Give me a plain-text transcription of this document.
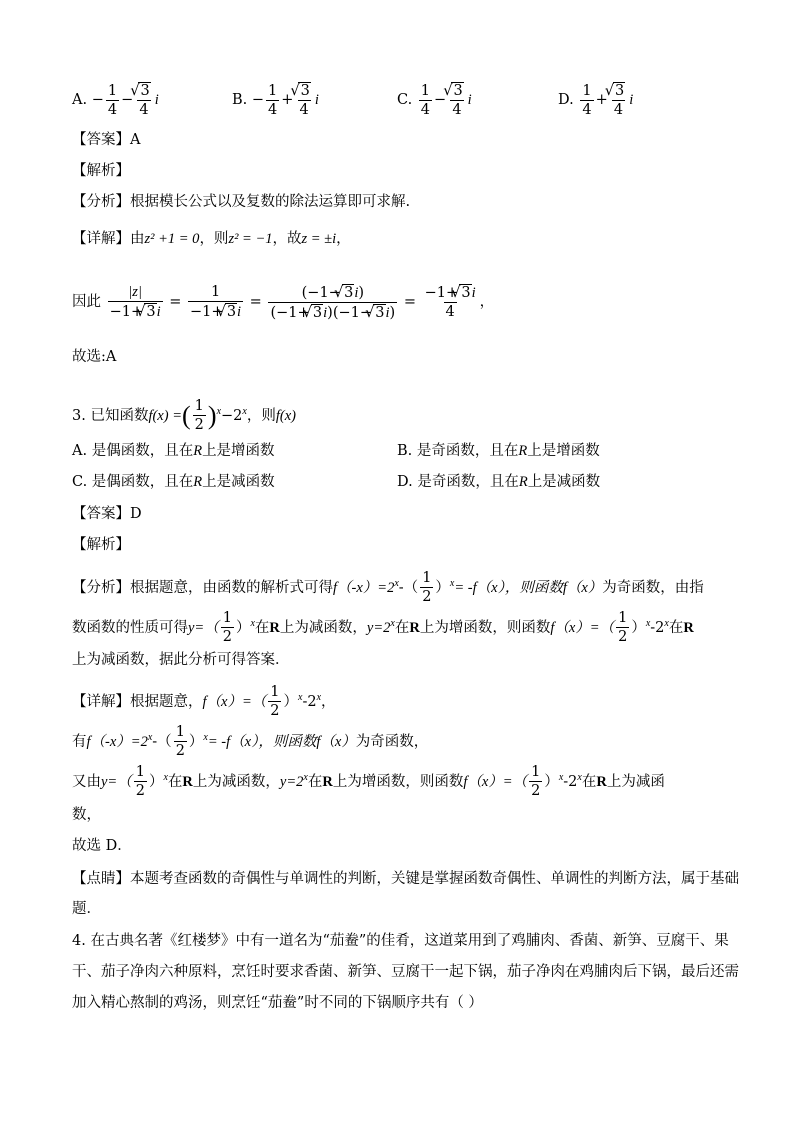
A. − $\frac{1}{4}$ − √ $\frac{3}{4}$ i	B. − $\frac{1}{4}$ + √ $\frac{3}{4}$ i	C. $\frac{1}{4}$ − √ $\frac{3}{4}$ i	D. $\frac{1}{4}$ + √ $\frac{3}{4}$ i
【答案】A
【解析】
【分析】根据模长公式以及复数的除法运算即可求解.
【详解】由z² +1 = 0，则z² = −1，故z = ±i，
因此 $\frac{|z|}{-1+ √ 3i} = \frac{1}{-1+ √ 3i} = \frac{(-1- √ 3i)}{(-1+ √ 3i)(-1- √ 3i)} = \frac{-1+ √ 3i}{4}$ ，
故选:A
3. 已知函数f(x) =( $\frac{1}{2} )^x-2^x$，则f(x)
A. 是偶函数，且在R上是增函数	B. 是奇函数，且在R上是增函数
C. 是偶函数，且在R上是减函数	D. 是奇函数，且在R上是减函数
【答案】D
【解析】
【分析】根据题意，由函数的解析式可得$f(-x)=2^x-( \frac{1}{2} )^x= -f(x)$，则函数f（x）为奇函数，由指
数函数的性质可得$y=( \frac{1}{2} )^x$在R上为减函数，$y=2^x$在R上为增函数，则函数$f(x)=( \frac{1}{2} )^x-2^x$在R
上为减函数，据此分析可得答案．
【详解】根据题意，$f(x)=( \frac{1}{2} )^x-2^x$，
有$f(-x)=2^x-( \frac{1}{2} )^x= -f(x)$，则函数f（x）为奇函数，
又由$y=( \frac{1}{2} )^x$在R上为减函数，$y=2^x$在R上为增函数，则函数$f(x)=( \frac{1}{2} )^x-2^x$在R上为减函
数，
故选 D．
【点睛】本题考查函数的奇偶性与单调性的判断，关键是掌握函数奇偶性、单调性的判断方法，属于基础
题．
4. 在古典名著《红楼梦》中有一道名为“茄鲞”的佳肴，这道菜用到了鸡脯肉、香菌、新笋、豆腐干、果
干、茄子净肉六种原料，烹饪时要求香菌、新笋、豆腐干一起下锅，茄子净肉在鸡脯肉后下锅，最后还需
加入精心熬制的鸡汤，则烹饪“茄鲞”时不同的下锅顺序共有（ ）
